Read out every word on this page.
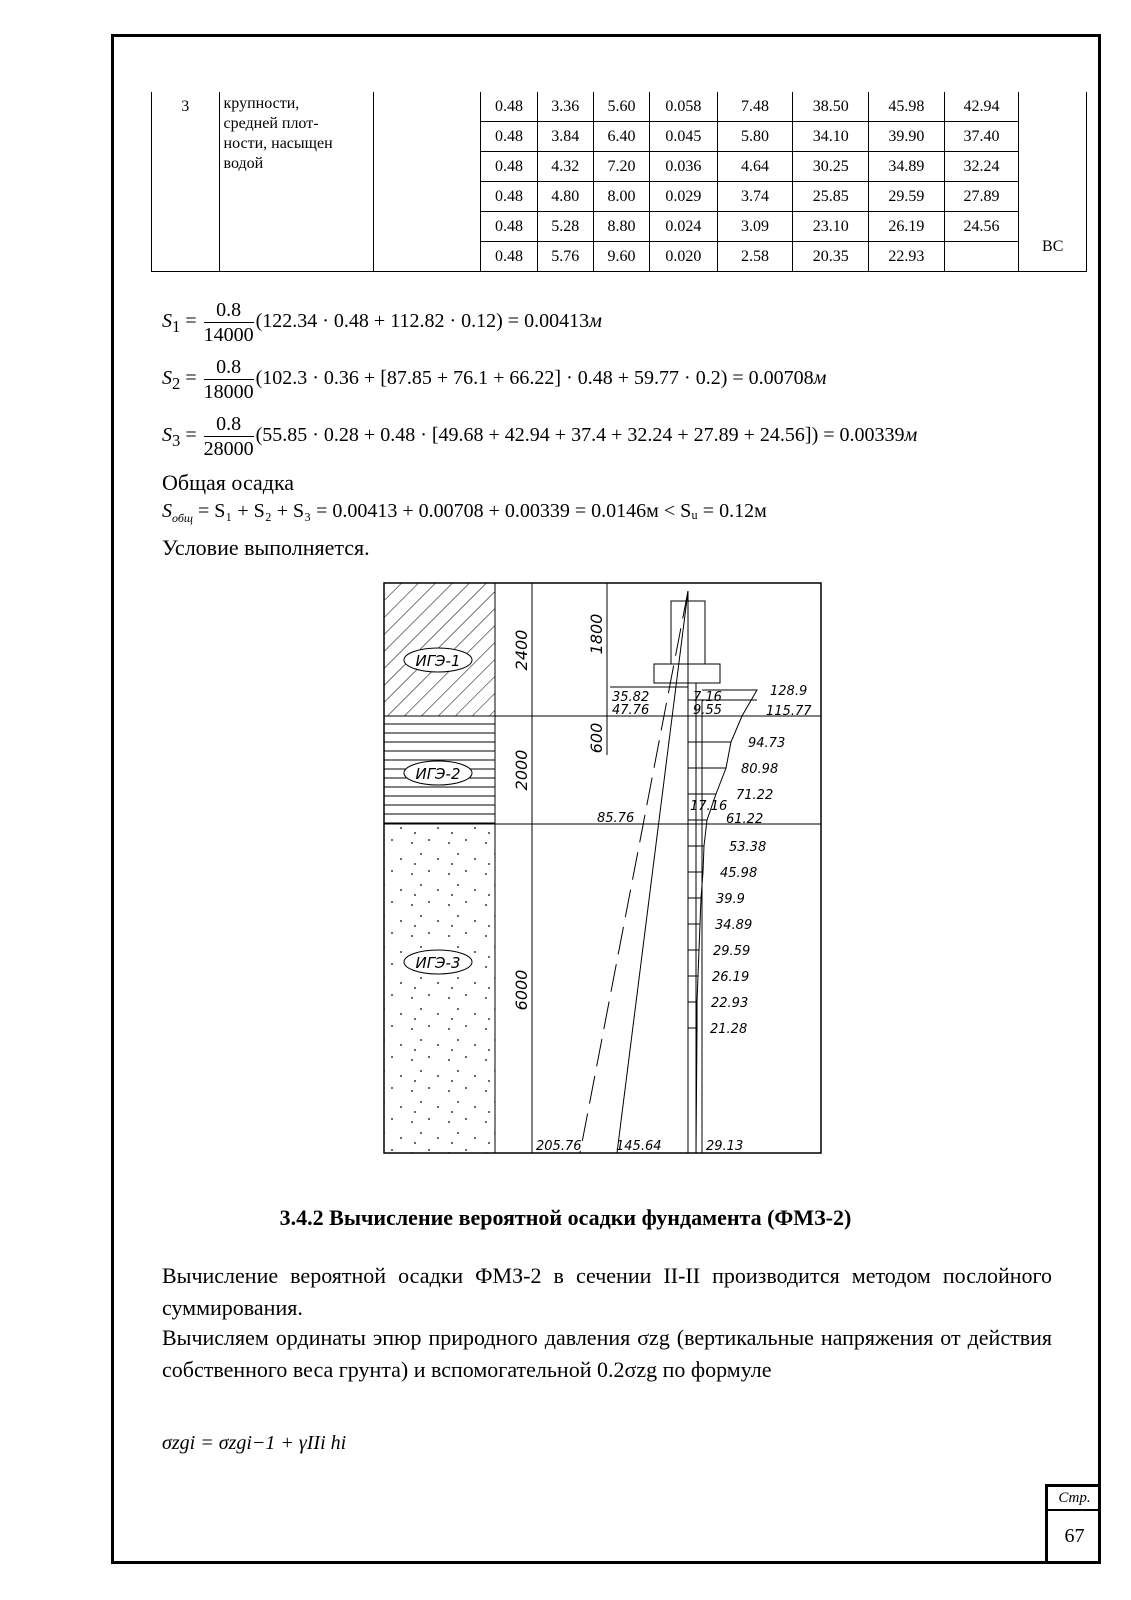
3	крупности,
средней плот-
ности, насыщен
водой		0.48	3.36	5.60	0.058	7.48	38.50	45.98	42.94	ВС
			0.48	3.84	6.40	0.045	5.80	34.10	39.90	37.40	
			0.48	4.32	7.20	0.036	4.64	30.25	34.89	32.24	
			0.48	4.80	8.00	0.029	3.74	25.85	29.59	27.89	
			0.48	5.28	8.80	0.024	3.09	23.10	26.19	24.56	
			0.48	5.76	9.60	0.020	2.58	20.35	22.93		
$S_1 = \frac{0.8}{14000} (122.34 \cdot 0.48 + 112.82 \cdot 0.12) = 0.00413м$
$S_2 = \frac{0.8}{18000} (102.3 \cdot 0.36 + [87.85 + 76.1 + 66.22] \cdot 0.48 + 59.77 \cdot 0.2) = 0.00708м$
$S_3 = \frac{0.8}{28000} (55.85 \cdot 0.28 + 0.48 \cdot [49.68 + 42.94 + 37.4 + 32.24 + 27.89 + 24.56]) = 0.00339м$
Общая осадка
$S_{общ} = S_1 + S_2 + S_3 = 0.00413 + 0.00708 + 0.00339 = 0.0146м$ < Sᵤ = 0.12м
Условие выполняется.
ИГЭ-1
ИГЭ-2
ИГЭ-3
2400
2000
6000
1800
600
35.82
47.76
85.76
205.76	145.64
7.16
9.55
17.16
29.13
128.9
115.77
94.73
80.98
71.22
61.22
53.38
45.98
39.9
34.89
29.59
26.19
22.93
21.28
3.4.2 Вычисление вероятной осадки фундамента (ФМЗ-2)
Вычисление вероятной осадки ФМЗ-2 в сечении II-II производится методом послойного суммирования.
Вычисляем ординаты эпюр природного давления σzg (вертикальные напряжения от действия собственного веса грунта) и вспомогательной 0.2σzg по формуле
σzgi = σzgi−1 + γIIi hi
Стр.
67
